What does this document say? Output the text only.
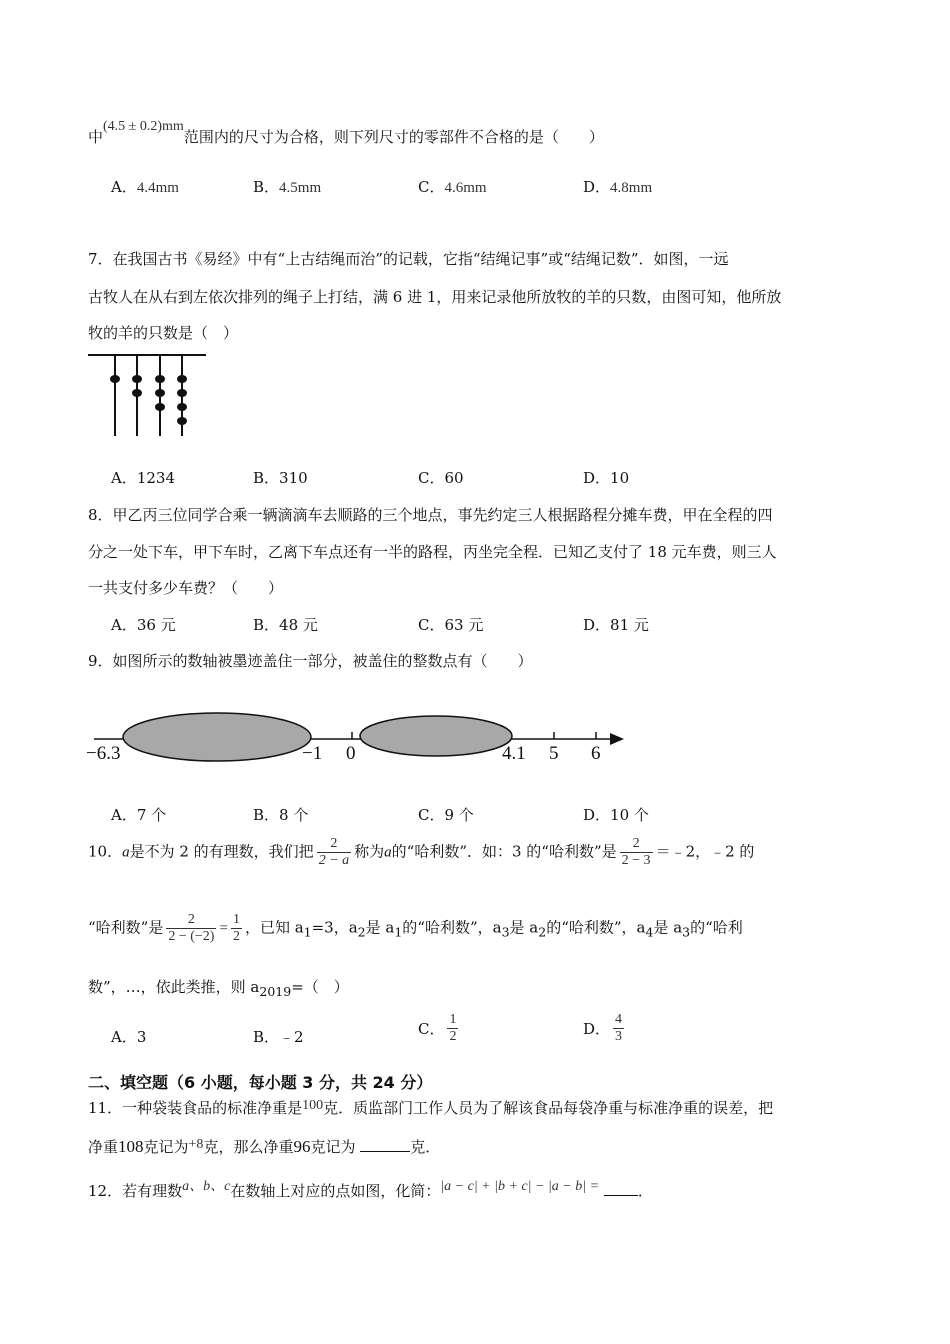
中(4.5 ± 0.2)mm范围内的尺寸为合格，则下列尺寸的零部件不合格的是（　　）
A．4.4mm	B．4.5mm	C．4.6mm	D．4.8mm
7．在我国古书《易经》中有“上古结绳而治”的记载，它指“结绳记事”或“结绳记数”．如图，一远
古牧人在从右到左依次排列的绳子上打结，满 6 进 1，用来记录他所放牧的羊的只数，由图可知，他所放
牧的羊的只数是（　）
A．1234	B．310	C．60	D．10
8．甲乙丙三位同学合乘一辆滴滴车去顺路的三个地点，事先约定三人根据路程分摊车费，甲在全程的四
分之一处下车，甲下车时，乙离下车点还有一半的路程，丙坐完全程．已知乙支付了 18 元车费，则三人
一共支付多少车费？（　　）
A．36 元	B．48 元	C．63 元	D．81 元
9．如图所示的数轴被墨迹盖住一部分，被盖住的整数点有（　　）
−6.3	−1 0	4.1 5 6
A．7 个	B．8 个	C．9 个	D．10 个
10．a是不为 2 的有理数，我们把 $\frac{2}{2 - a}$ 称为a的“哈利数”．如：3 的“哈利数”是 $\frac{2}{2 - 3}$ ＝﹣2，﹣2 的
“哈利数”是 $\frac{2}{2 - (-2)} = \frac{1}{2}$ ，已知 $a_1=3$，$a_2$是 $a_1$的“哈利数”，$a_3$是 $a_2$的“哈利数”，$a_4$是 $a_3$的“哈利
数”，…，依此类推，则 $a_{2019}=$（　）
A．3	B．﹣2	C． $\frac{1}{2}$	D． $\frac{4}{3}$
二、填空题（6 小题，每小题 3 分，共 24 分）
11．一种袋装食品的标准净重是100克．质监部门工作人员为了解该食品每袋净重与标准净重的误差，把
净重108克记为+8克，那么净重96克记为	克．
12．若有理数a、b、c在数轴上对应的点如图，化简：|a − c| + |b + c| − |a − b| =	．
